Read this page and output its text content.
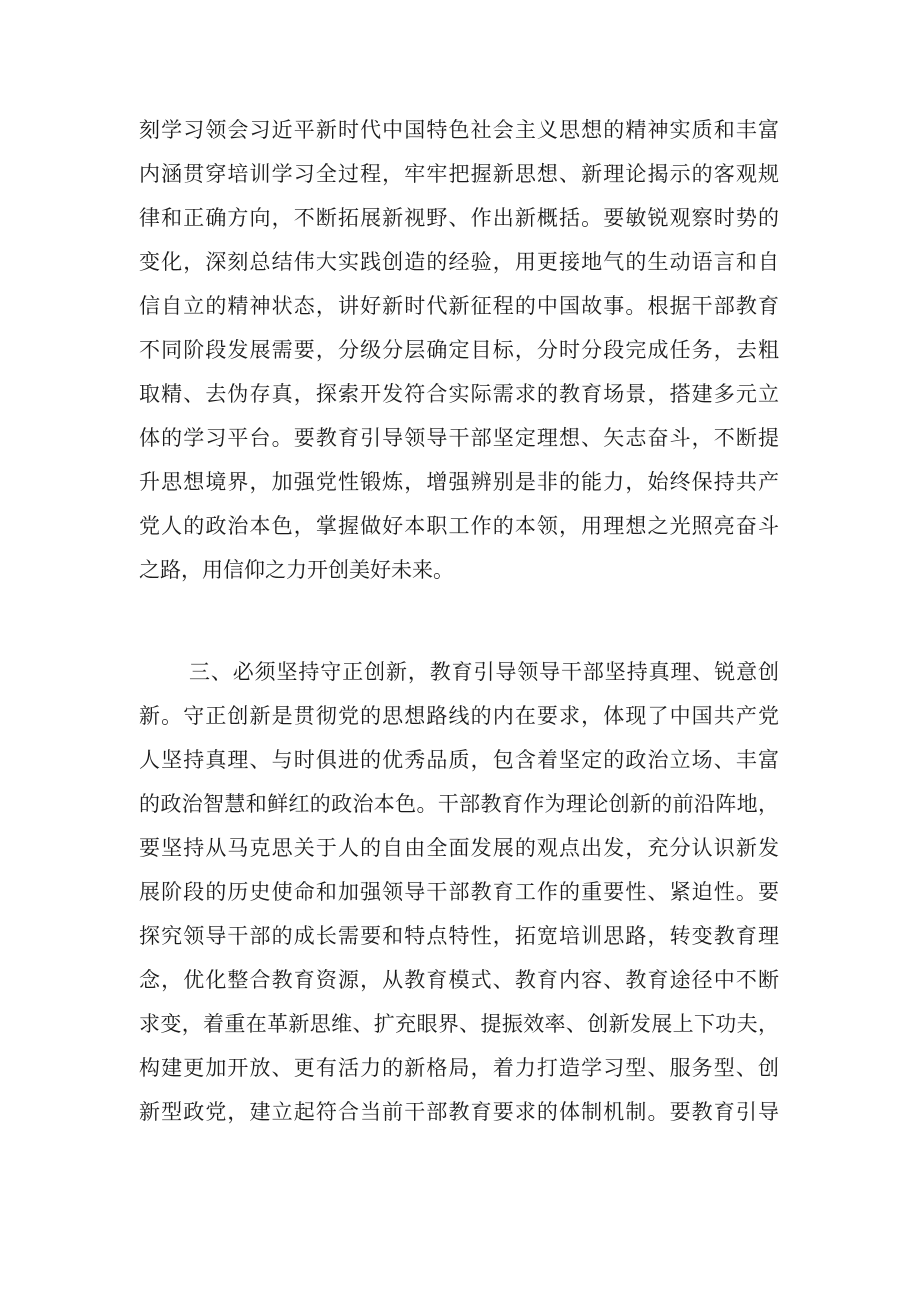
刻学习领会习近平新时代中国特色社会主义思想的精神实质和丰富
内涵贯穿培训学习全过程，牢牢把握新思想、新理论揭示的客观规
律和正确方向，不断拓展新视野、作出新概括。要敏锐观察时势的
变化，深刻总结伟大实践创造的经验，用更接地气的生动语言和自
信自立的精神状态，讲好新时代新征程的中国故事。根据干部教育
不同阶段发展需要，分级分层确定目标，分时分段完成任务，去粗
取精、去伪存真，探索开发符合实际需求的教育场景，搭建多元立
体的学习平台。要教育引导领导干部坚定理想、矢志奋斗，不断提
升思想境界，加强党性锻炼，增强辨别是非的能力，始终保持共产
党人的政治本色，掌握做好本职工作的本领，用理想之光照亮奋斗
之路，用信仰之力开创美好未来。
三、必须坚持守正创新，教育引导领导干部坚持真理、锐意创
新。守正创新是贯彻党的思想路线的内在要求，体现了中国共产党
人坚持真理、与时俱进的优秀品质，包含着坚定的政治立场、丰富
的政治智慧和鲜红的政治本色。干部教育作为理论创新的前沿阵地，
要坚持从马克思关于人的自由全面发展的观点出发，充分认识新发
展阶段的历史使命和加强领导干部教育工作的重要性、紧迫性。要
探究领导干部的成长需要和特点特性，拓宽培训思路，转变教育理
念，优化整合教育资源，从教育模式、教育内容、教育途径中不断
求变，着重在革新思维、扩充眼界、提振效率、创新发展上下功夫，
构建更加开放、更有活力的新格局，着力打造学习型、服务型、创
新型政党，建立起符合当前干部教育要求的体制机制。要教育引导
